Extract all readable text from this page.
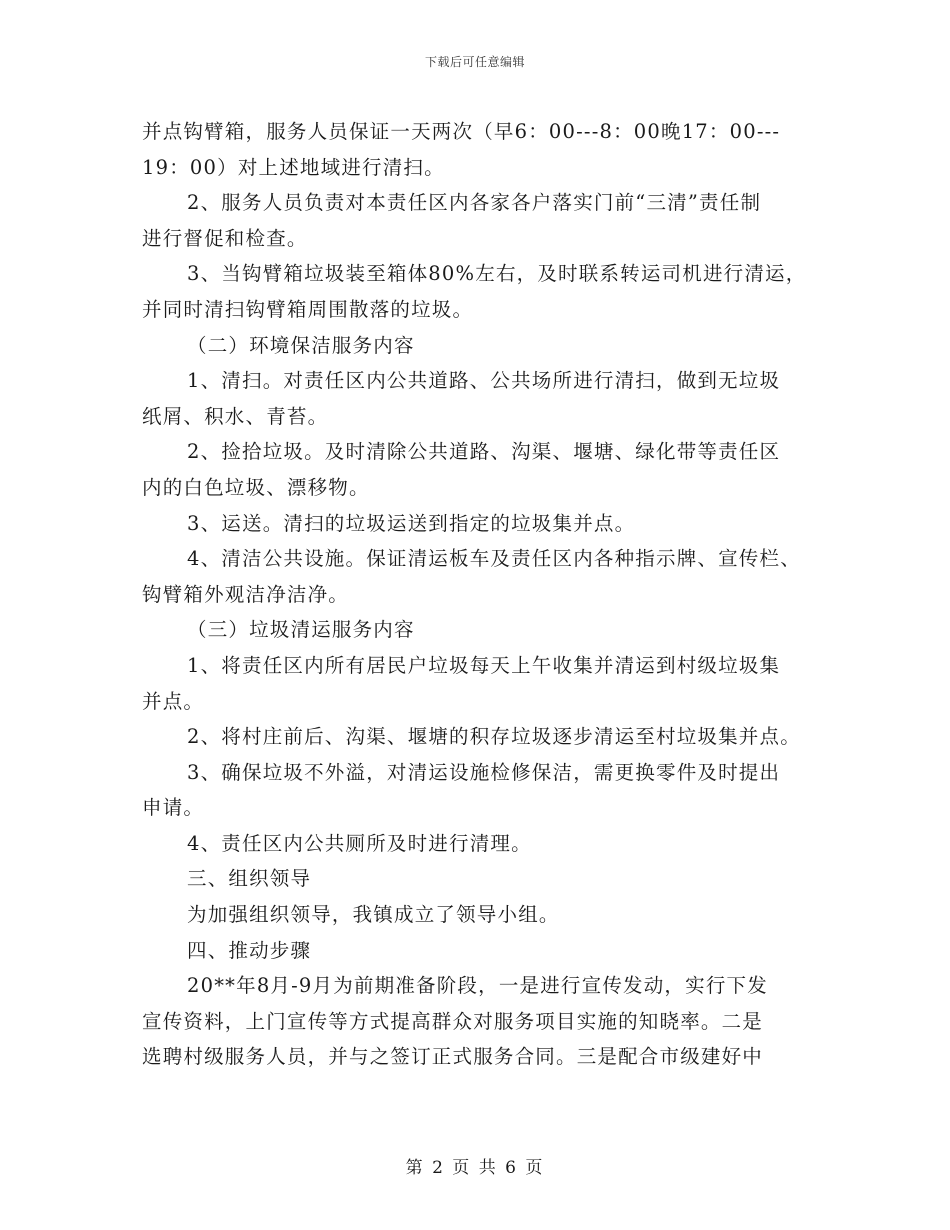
下载后可任意编辑
并点钩臂箱，服务人员保证一天两次（早6：00---8：00晚17：00---
19：00）对上述地域进行清扫。
2、服务人员负责对本责任区内各家各户落实门前“三清”责任制
进行督促和检查。
3、当钩臂箱垃圾装至箱体80%左右，及时联系转运司机进行清运，
并同时清扫钩臂箱周围散落的垃圾。
（二）环境保洁服务内容
1、清扫。对责任区内公共道路、公共场所进行清扫，做到无垃圾
纸屑、积水、青苔。
2、捡拾垃圾。及时清除公共道路、沟渠、堰塘、绿化带等责任区
内的白色垃圾、漂移物。
3、运送。清扫的垃圾运送到指定的垃圾集并点。
4、清洁公共设施。保证清运板车及责任区内各种指示牌、宣传栏、
钩臂箱外观洁净洁净。
（三）垃圾清运服务内容
1、将责任区内所有居民户垃圾每天上午收集并清运到村级垃圾集
并点。
2、将村庄前后、沟渠、堰塘的积存垃圾逐步清运至村垃圾集并点。
3、确保垃圾不外溢，对清运设施检修保洁，需更换零件及时提出
申请。
4、责任区内公共厕所及时进行清理。
三、组织领导
为加强组织领导，我镇成立了领导小组。
四、推动步骤
20**年8月-9月为前期准备阶段，一是进行宣传发动，实行下发
宣传资料，上门宣传等方式提高群众对服务项目实施的知晓率。二是
选聘村级服务人员，并与之签订正式服务合同。三是配合市级建好中
第 2 页 共 6 页
